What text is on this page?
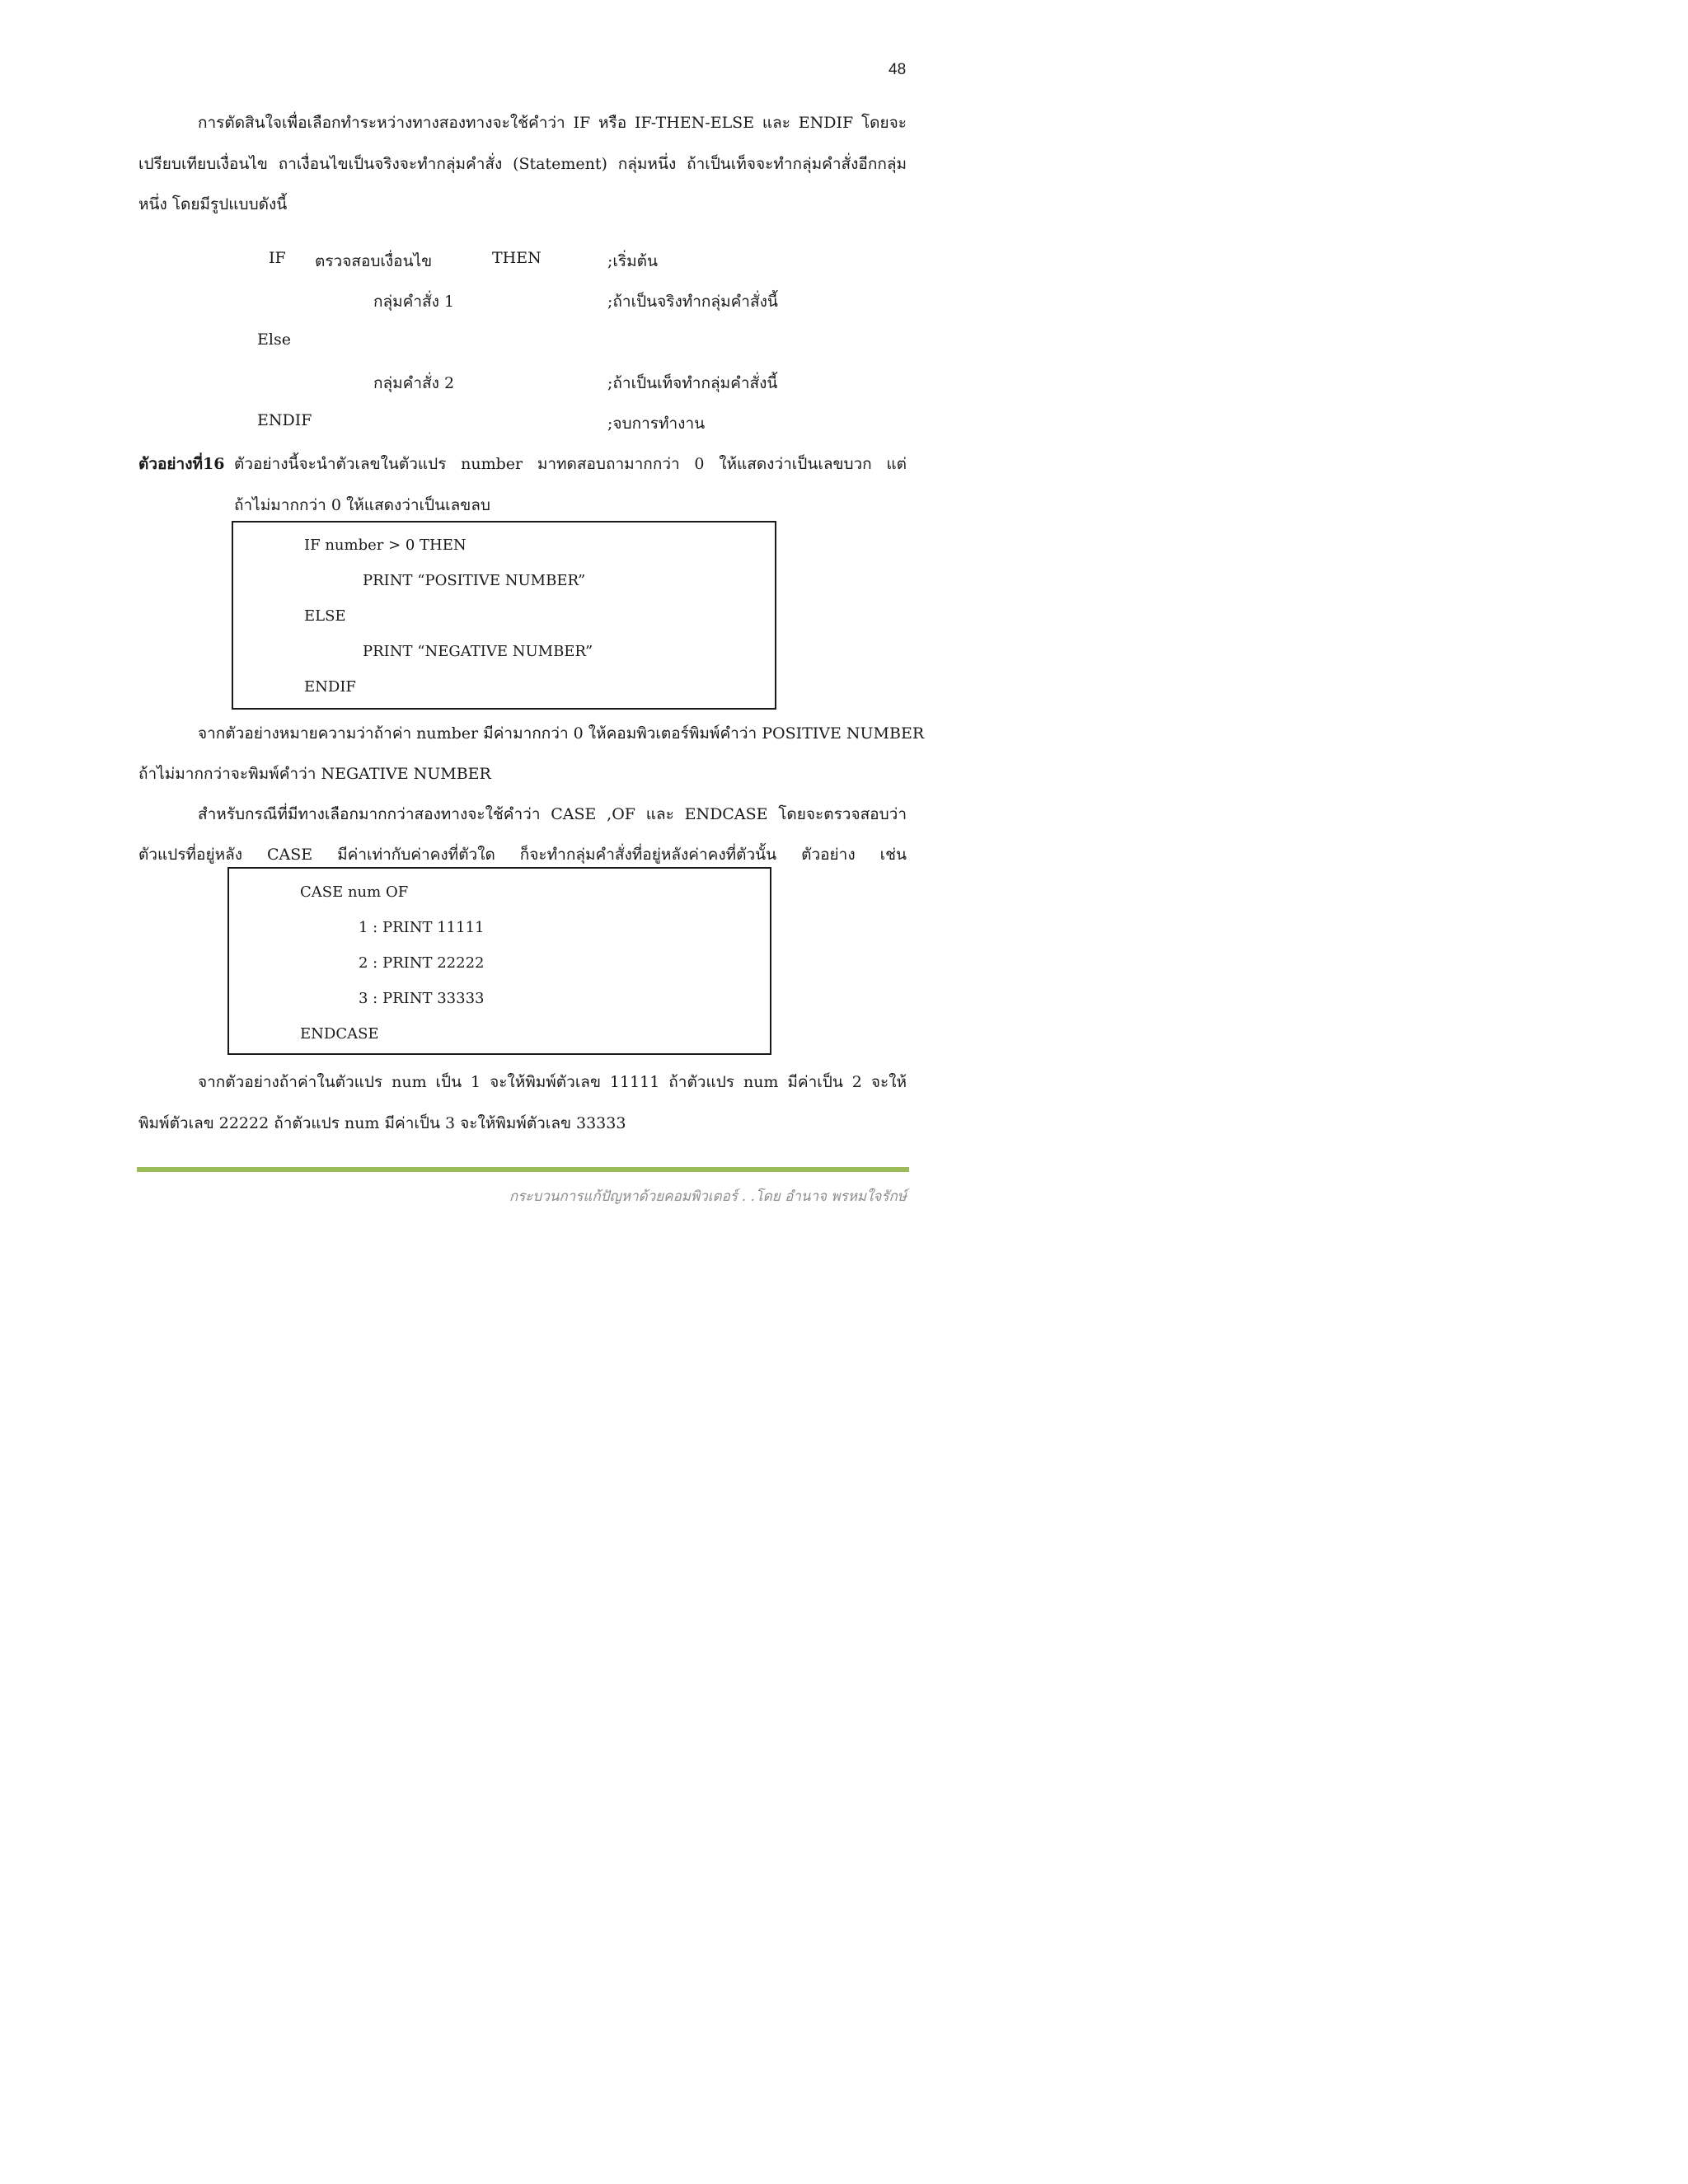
48
การตัดสินใจเพื่อเลือกทำระหว่างทางสองทางจะใช้คำว่า IF หรือ IF-THEN-ELSE และ ENDIF โดยจะ
เปรียบเทียบเงื่อนไข ถาเงื่อนไขเป็นจริงจะทำกลุ่มคำสั่ง (Statement) กลุ่มหนึ่ง ถ้าเป็นเท็จจะทำกลุ่มคำสั่งอีกกลุ่ม
หนึ่ง โดยมีรูปแบบดังนี้
IF ตรวจสอบเงื่อนไข	THEN	;เริ่มต้น
กลุ่มคำสั่ง 1	;ถ้าเป็นจริงทำกลุ่มคำสั่งนี้
Else
กลุ่มคำสั่ง 2	;ถ้าเป็นเท็จทำกลุ่มคำสั่งนี้
ENDIF	;จบการทำงาน
ตัวอย่างที่16 ตัวอย่างนี้จะนำตัวเลขในตัวแปร number มาทดสอบถามากกว่า 0 ให้แสดงว่าเป็นเลขบวก แต่
ถ้าไม่มากกว่า 0 ให้แสดงว่าเป็นเลขลบ
IF number > 0 THEN
PRINT “POSITIVE NUMBER”
ELSE
PRINT “NEGATIVE NUMBER”
ENDIF
จากตัวอย่างหมายความว่าถ้าค่า number มีค่ามากกว่า 0 ให้คอมพิวเตอร์พิมพ์คำว่า POSITIVE NUMBER
ถ้าไม่มากกว่าจะพิมพ์คำว่า NEGATIVE NUMBER
สำหรับกรณีที่มีทางเลือกมากกว่าสองทางจะใช้คำว่า CASE ,OF และ ENDCASE โดยจะตรวจสอบว่า
ตัวแปรที่อยู่หลัง CASE มีค่าเท่ากับค่าคงที่ตัวใด ก็จะทำกลุ่มคำสั่งที่อยู่หลังค่าคงที่ตัวนั้น ตัวอย่าง เช่น
CASE num OF
1 : PRINT 11111
2 : PRINT 22222
3 : PRINT 33333
ENDCASE
จากตัวอย่างถ้าค่าในตัวแปร num เป็น 1 จะให้พิมพ์ตัวเลข 11111 ถ้าตัวแปร num มีค่าเป็น 2 จะให้
พิมพ์ตัวเลข 22222 ถ้าตัวแปร num มีค่าเป็น 3 จะให้พิมพ์ตัวเลข 33333
กระบวนการแก้ปัญหาด้วยคอมพิวเตอร์ . .โดย อำนาจ พรหมใจรักษ์
